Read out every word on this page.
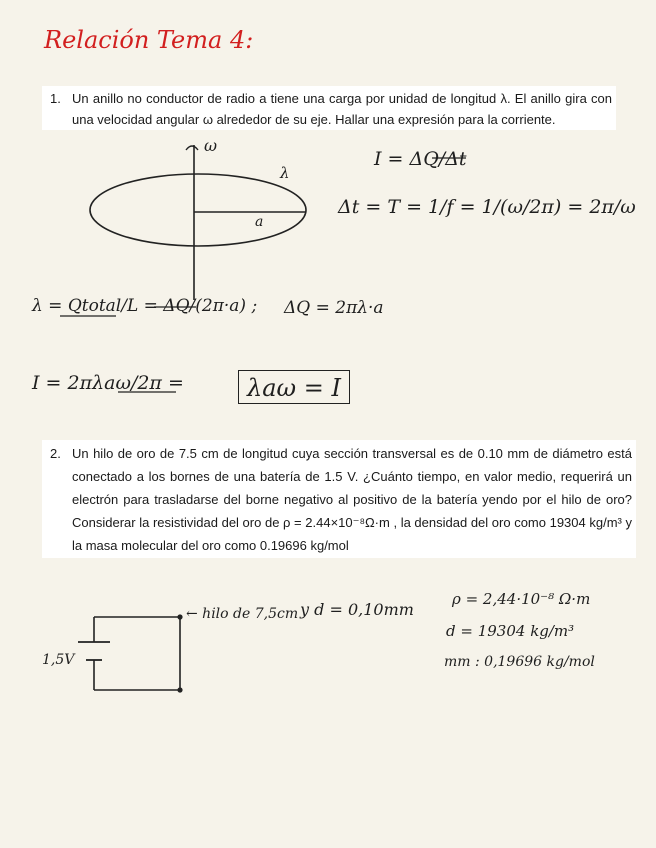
Relación Tema 4:
1. Un anillo no conductor de radio a tiene una carga por unidad de longitud λ. El anillo gira con una velocidad angular ω alrededor de su eje. Hallar una expresión para la corriente.
ω
λ
a
I = ΔQ/Δt
Δt = T = 1/f = 1/(ω/2π) = 2π/ω
λ = Qtotal/L = ΔQ/(2π·a) ; ΔQ = 2πλ·a
I = 2πλaω/2π =	λaω = I
2. Un hilo de oro de 7.5 cm de longitud cuya sección transversal es de 0.10 mm de diámetro está conectado a los bornes de una batería de 1.5 V. ¿Cuánto tiempo, en valor medio, requerirá un electrón para trasladarse del borne negativo al positivo de la batería yendo por el hilo de oro? Considerar la resistividad del oro de ρ = 2.44×10⁻⁸Ω·m , la densidad del oro como 19304 kg/m³ y la masa molecular del oro como 0.19696 kg/mol
← hilo de 7,5cm y d = 0,10mm
ρ = 2,44·10⁻⁸ Ω·m
d = 19304 kg/m³
mm : 0,19696 kg/mol
1,5V
